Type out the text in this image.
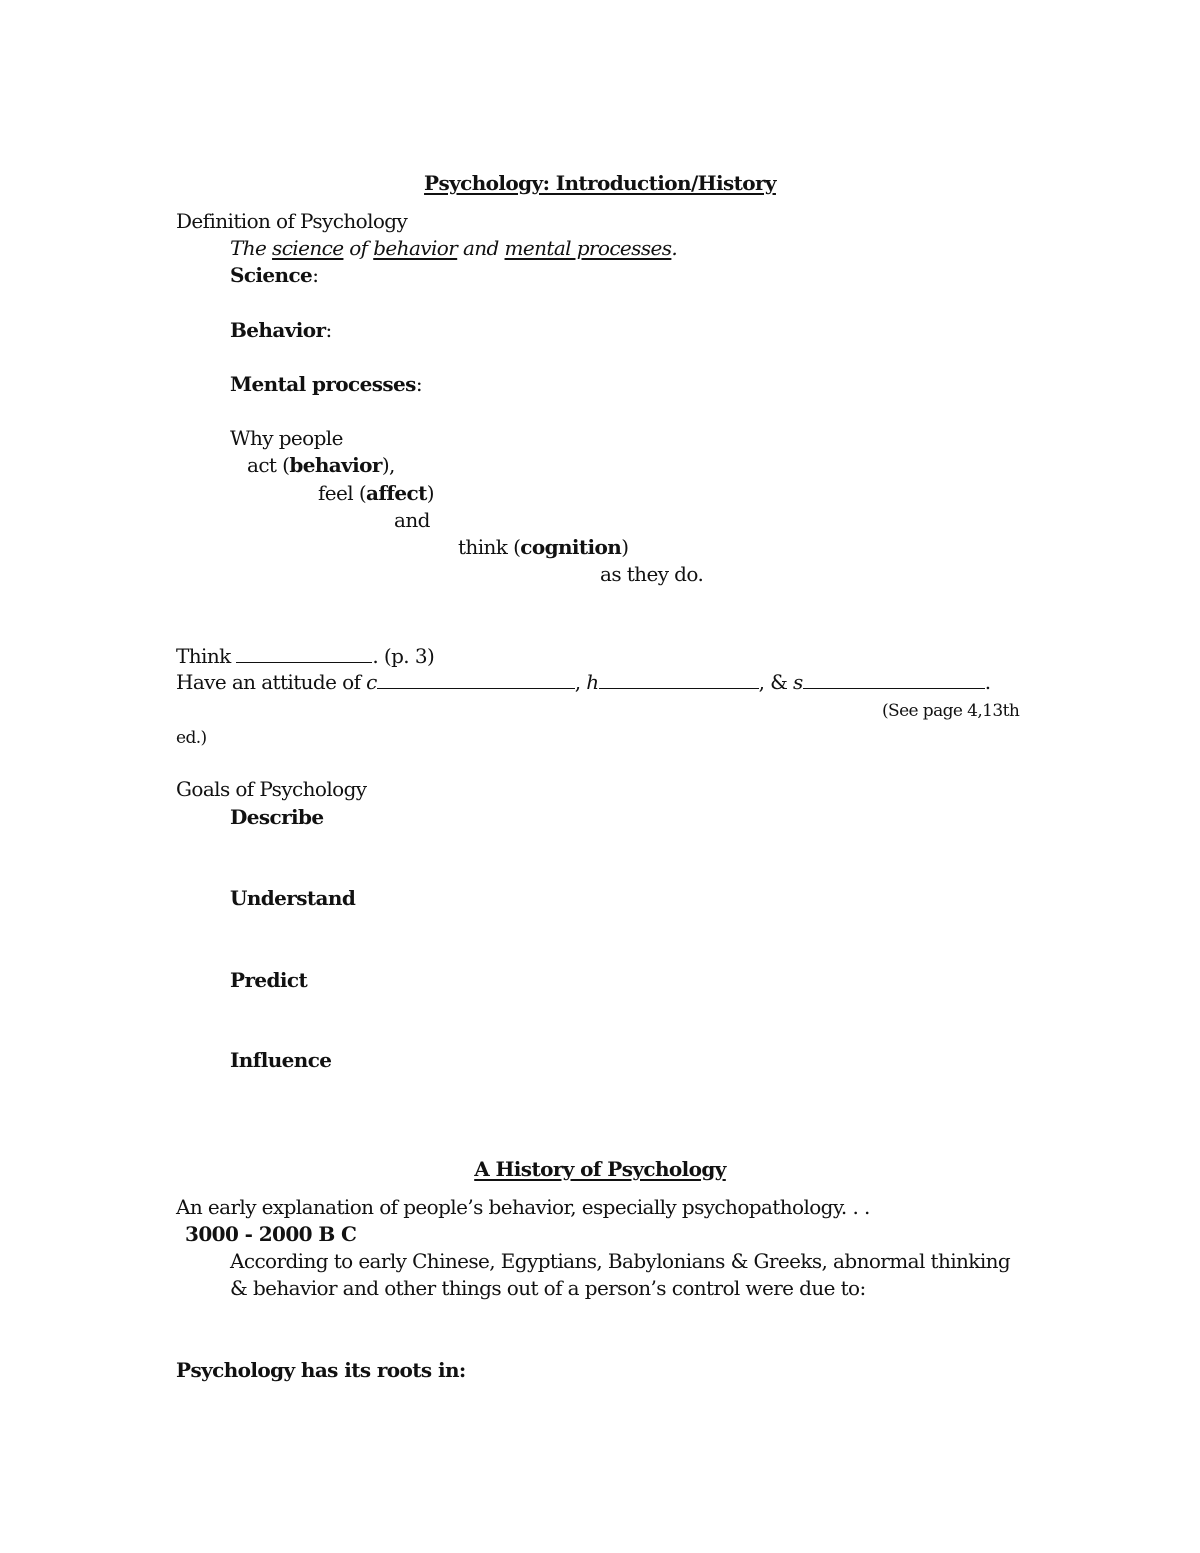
Psychology: Introduction/History
Definition of Psychology
The science of behavior and mental processes.
Science:
Behavior:
Mental processes:
Why people
act (behavior),
feel (affect)
and
think (cognition)
as they do.
Think	. (p. 3)
Have an attitude of c	, h	, & s	.
(See page 4,13th
ed.)
Goals of Psychology
Describe
Understand
Predict
Influence
A History of Psychology
An early explanation of people’s behavior, especially psychopathology. . .
3000 - 2000 B C
According to early Chinese, Egyptians, Babylonians & Greeks, abnormal thinking
& behavior and other things out of a person’s control were due to:
Psychology has its roots in:
